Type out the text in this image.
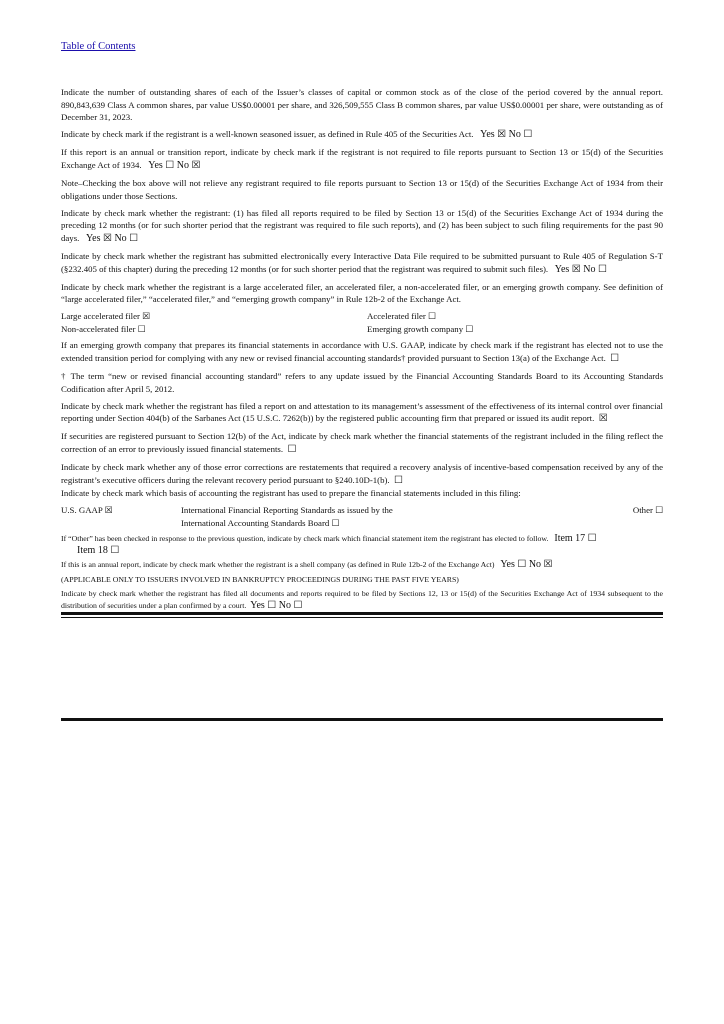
Table of Contents

Indicate the number of outstanding shares of each of the Issuer’s classes of capital or common stock as of the close of the period covered by the annual report. 890,843,639 Class A common shares, par value US$0.00001 per share, and 326,509,555 Class B common shares, par value US$0.00001 per share, were outstanding as of December 31, 2023.

Indicate by check mark if the registrant is a well-known seasoned issuer, as defined in Rule 405 of the Securities Act. Yes ☒ No ☐

If this report is an annual or transition report, indicate by check mark if the registrant is not required to file reports pursuant to Section 13 or 15(d) of the Securities Exchange Act of 1934. Yes ☐ No ☒

Note–Checking the box above will not relieve any registrant required to file reports pursuant to Section 13 or 15(d) of the Securities Exchange Act of 1934 from their obligations under those Sections.

Indicate by check mark whether the registrant: (1) has filed all reports required to be filed by Section 13 or 15(d) of the Securities Exchange Act of 1934 during the preceding 12 months (or for such shorter period that the registrant was required to file such reports), and (2) has been subject to such filing requirements for the past 90 days. Yes ☒ No ☐

Indicate by check mark whether the registrant has submitted electronically every Interactive Data File required to be submitted pursuant to Rule 405 of Regulation S-T (§232.405 of this chapter) during the preceding 12 months (or for such shorter period that the registrant was required to submit such files). Yes ☒ No ☐

Indicate by check mark whether the registrant is a large accelerated filer, an accelerated filer, a non-accelerated filer, or an emerging growth company. See definition of “large accelerated filer,” “accelerated filer,” and “emerging growth company” in Rule 12b-2 of the Exchange Act.

Large accelerated filer ☒
Non-accelerated filer ☐
Accelerated filer ☐
Emerging growth company ☐

If an emerging growth company that prepares its financial statements in accordance with U.S. GAAP, indicate by check mark if the registrant has elected not to use the extended transition period for complying with any new or revised financial accounting standards† provided pursuant to Section 13(a) of the Exchange Act. ☐

† The term “new or revised financial accounting standard” refers to any update issued by the Financial Accounting Standards Board to its Accounting Standards Codification after April 5, 2012.

Indicate by check mark whether the registrant has filed a report on and attestation to its management’s assessment of the effectiveness of its internal control over financial reporting under Section 404(b) of the Sarbanes Act (15 U.S.C. 7262(b)) by the registered public accounting firm that prepared or issued its audit report. ☒

If securities are registered pursuant to Section 12(b) of the Act, indicate by check mark whether the financial statements of the registrant included in the filing reflect the correction of an error to previously issued financial statements. ☐

Indicate by check mark whether any of those error corrections are restatements that required a recovery analysis of incentive-based compensation received by any of the registrant’s executive officers during the relevant recovery period pursuant to §240.10D-1(b). ☐

Indicate by check mark which basis of accounting the registrant has used to prepare the financial statements included in this filing:

U.S. GAAP ☒	International Financial Reporting Standards as issued by the
International Accounting Standards Board ☐
Other ☐

If “Other” has been checked in response to the previous question, indicate by check mark which financial statement item the registrant has elected to follow. Item 17 ☐
Item 18 ☐

If this is an annual report, indicate by check mark whether the registrant is a shell company (as defined in Rule 12b-2 of the Exchange Act) Yes ☐ No ☒

(APPLICABLE ONLY TO ISSUERS INVOLVED IN BANKRUPTCY PROCEEDINGS DURING THE PAST FIVE YEARS)

Indicate by check mark whether the registrant has filed all documents and reports required to be filed by Sections 12, 13 or 15(d) of the Securities Exchange Act of 1934 subsequent to the distribution of securities under a plan confirmed by a court. Yes ☐ No ☐
